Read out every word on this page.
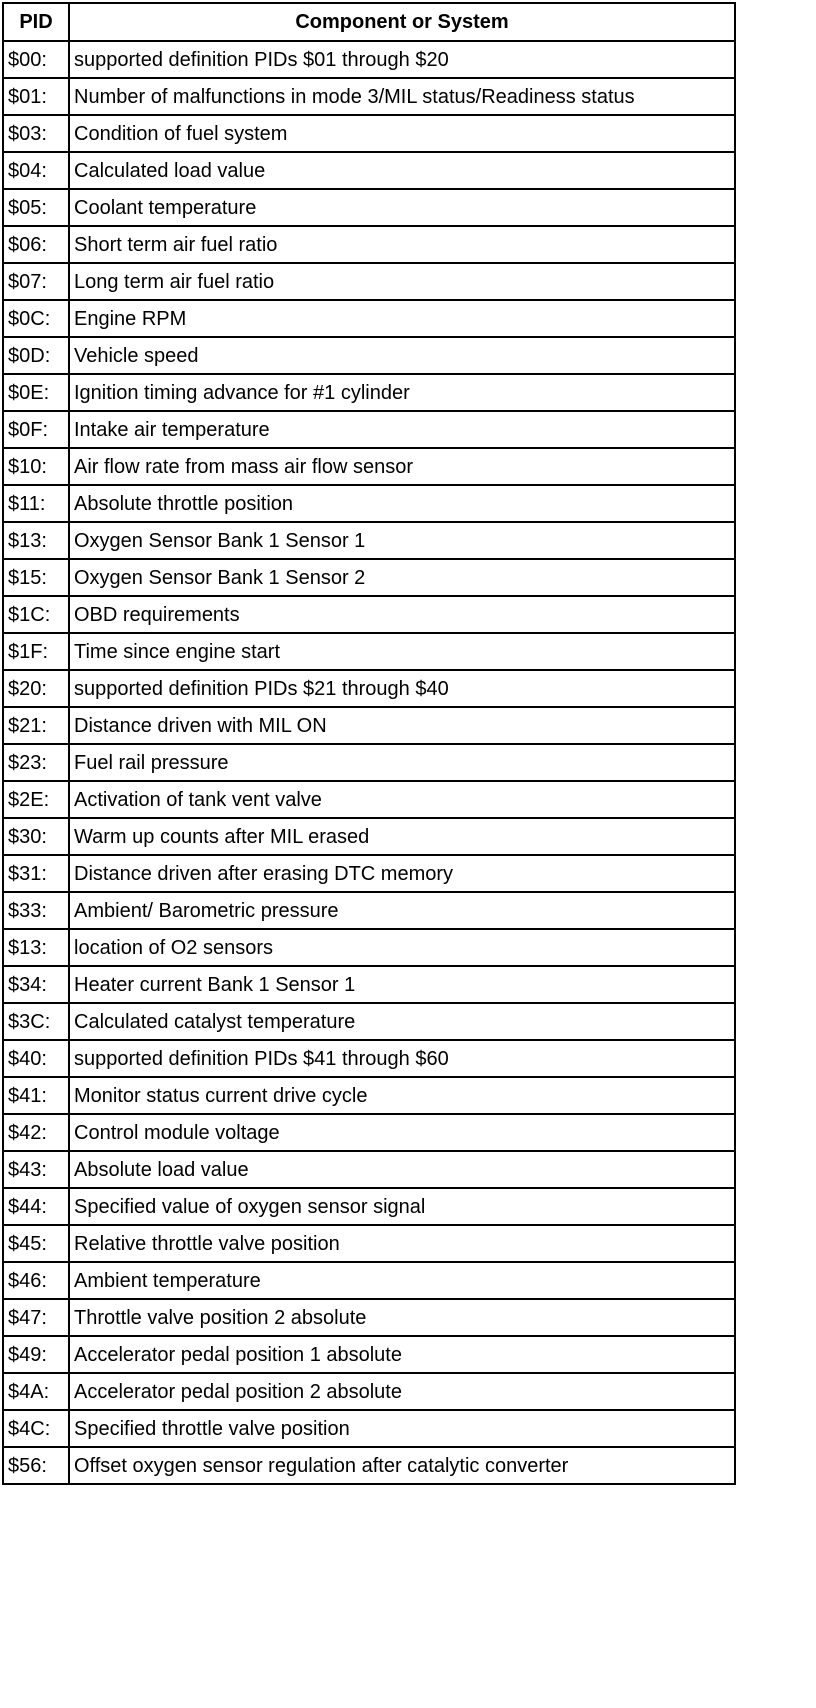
PID	Component or System
$00:	supported definition PIDs $01 through $20
$01:	Number of malfunctions in mode 3/MIL status/Readiness status
$03:	Condition of fuel system
$04:	Calculated load value
$05:	Coolant temperature
$06:	Short term air fuel ratio
$07:	Long term air fuel ratio
$0C:	Engine RPM
$0D:	Vehicle speed
$0E:	Ignition timing advance for #1 cylinder
$0F:	Intake air temperature
$10:	Air flow rate from mass air flow sensor
$11:	Absolute throttle position
$13:	Oxygen Sensor Bank 1 Sensor 1
$15:	Oxygen Sensor Bank 1 Sensor 2
$1C:	OBD requirements
$1F:	Time since engine start
$20:	supported definition PIDs $21 through $40
$21:	Distance driven with MIL ON
$23:	Fuel rail pressure
$2E:	Activation of tank vent valve
$30:	Warm up counts after MIL erased
$31:	Distance driven after erasing DTC memory
$33:	Ambient/ Barometric pressure
$13:	location of O2 sensors
$34:	Heater current Bank 1 Sensor 1
$3C:	Calculated catalyst temperature
$40:	supported definition PIDs $41 through $60
$41:	Monitor status current drive cycle
$42:	Control module voltage
$43:	Absolute load value
$44:	Specified value of oxygen sensor signal
$45:	Relative throttle valve position
$46:	Ambient temperature
$47:	Throttle valve position 2 absolute
$49:	Accelerator pedal position 1 absolute
$4A:	Accelerator pedal position 2 absolute
$4C:	Specified throttle valve position
$56:	Offset oxygen sensor regulation after catalytic converter
